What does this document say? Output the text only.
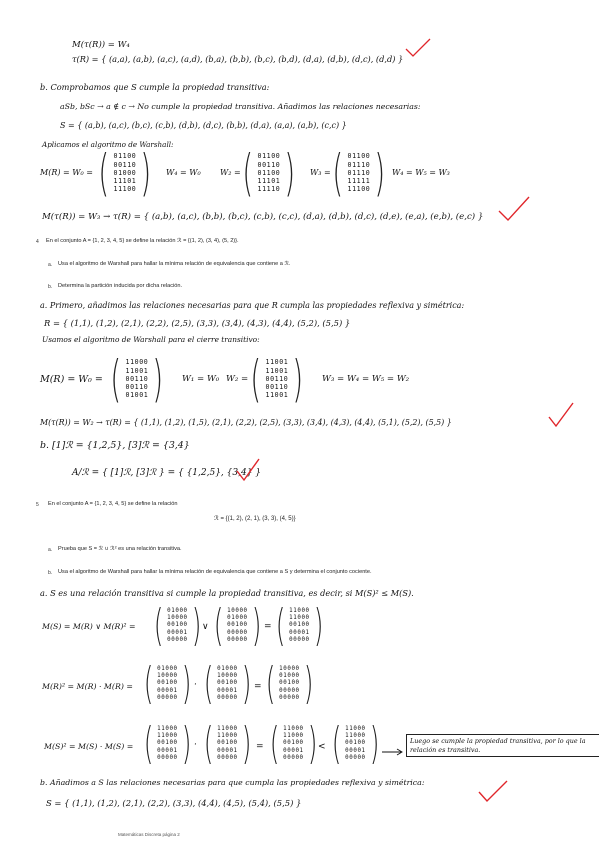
M(τ(R)) = W₄
τ(R) = { (a,a), (a,b), (a,c), (a,d), (b,a), (b,b), (b,c), (b,d), (d,a), (d,b), (d,c), (d,d) }
b. Comprobamos que S cumple la propiedad transitiva:
aSb, bSc → a ∉ c → No cumple la propiedad transitiva. Añadimos las relaciones necesarias:
S = { (a,b), (a,c), (b,c), (c,b), (d,b), (d,c), (b,b), (d,a), (a,a), (a,b), (c,c) }
Aplicamos el algoritmo de Warshall:
M(R) = W₀ = ( 01100
00110
01000
11101
11100 ) W₄ = W₀ W₂ = ( 01100
00110
01100
11101
11110 ) W₃ = ( 01100
01110
01110
11111
11100 ) W₄ = W₅ = W₃
M(τ(R)) = W₃ → τ(R) = { (a,b), (a,c), (b,b), (b,c), (c,b), (c,c), (d,a), (d,b), (d,c), (d,e), (e,a), (e,b), (e,c) }
4 En el conjunto A = {1, 2, 3, 4, 5} se define la relación ℛ = {(1, 2), (3, 4), (5, 2)}.
a. Usa el algoritmo de Warshall para hallar la mínima relación de equivalencia que contiene a ℛ.
b. Determina la partición inducida por dicha relación.
a. Primero, añadimos las relaciones necesarias para que R cumpla las propiedades reflexiva y simétrica:
R = { (1,1), (1,2), (2,1), (2,2), (2,5), (3,3), (3,4), (4,3), (4,4), (5,2), (5,5) }
Usamos el algoritmo de Warshall para el cierre transitivo:
M(R) = W₀ = ( 11000
11001
00110
00110
01001 ) W₁ = W₀ W₂ = ( 11001
11001
00110
00110
11001 ) W₃ = W₄ = W₅ = W₂
M(τ(R)) = W₂ → τ(R) = { (1,1), (1,2), (1,5), (2,1), (2,2), (2,5), (3,3), (3,4), (4,3), (4,4), (5,1), (5,2), (5,5) }
b. [1]ℛ = {1,2,5}, [3]ℛ = {3,4}
A/ℛ = { [1]ℛ, [3]ℛ } = { {1,2,5}, {3,4} }
5 En el conjunto A = {1, 2, 3, 4, 5} se define la relación
ℛ = {(1, 2), (2, 1), (3, 3), (4, 5)}
a. Prueba que S = ℛ ∪ ℛ² es una relación transitiva.
b. Usa el algoritmo de Warshall para hallar la mínima relación de equivalencia que contiene a S y determina el conjunto cociente.
a. S es una relación transitiva si cumple la propiedad transitiva, es decir, si M(S)² ≤ M(S).
M(S) = M(R) ∨ M(R)² = ( 01000
10000
00100
00001
00000 ) ∨ ( 10000
01000
00100
00000
00000 ) = ( 11000
11000
00100
00001
00000 )
M(R)² = M(R) · M(R) = ( 01000
10000
00100
00001
00000 ) · ( 01000
10000
00100
00001
00000 ) = ( 10000
01000
00100
00000
00000 )
M(S)² = M(S) · M(S) = ( 11000
11000
00100
00001
00000 ) · ( 11000
11000
00100
00001
00000 ) = ( 11000
11000
00100
00001
00000 ) < ( 11000
11000
00100
00001
00000 )	Luego se cumple la propiedad transitiva, por lo que la relación es transitiva.
b. Añadimos a S las relaciones necesarias para que cumpla las propiedades reflexiva y simétrica:
S = { (1,1), (1,2), (2,1), (2,2), (3,3), (4,4), (4,5), (5,4), (5,5) }
Matemáticas Discreta página 2
